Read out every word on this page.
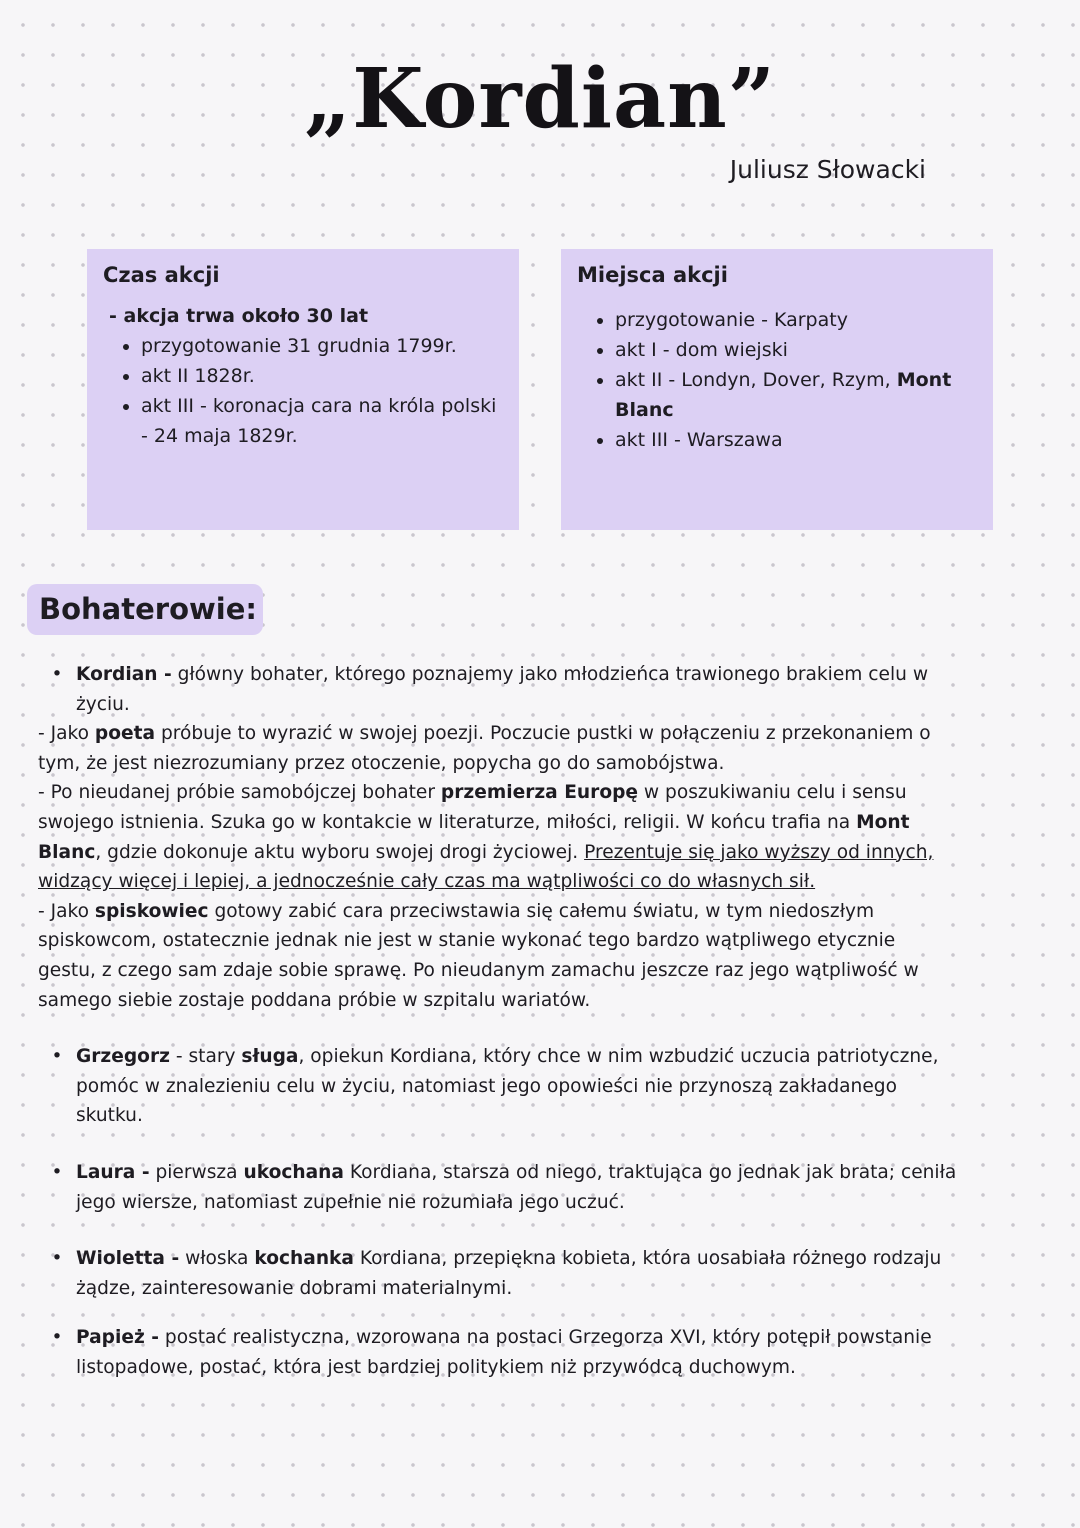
„Kordian”
Juliusz Słowacki
Czas akcji
- akcja trwa około 30 lat
• przygotowanie 31 grudnia 1799r.
• akt II 1828r.
• akt III - koronacja cara na króla polski - 24 maja 1829r.
Miejsca akcji
• przygotowanie - Karpaty
• akt I - dom wiejski
• akt II - Londyn, Dover, Rzym, Mont Blanc
• akt III - Warszawa
Bohaterowie:
• Kordian - główny bohater, którego poznajemy jako młodzieńca trawionego brakiem celu w życiu.

- Jako poeta próbuje to wyrazić w swojej poezji. Poczucie pustki w połączeniu z przekonaniem o tym, że jest niezrozumiany przez otoczenie, popycha go do samobójstwa.

- Po nieudanej próbie samobójczej bohater przemierza Europę w poszukiwaniu celu i sensu swojego istnienia. Szuka go w kontakcie w literaturze, miłości, religii. W końcu trafia na Mont Blanc, gdzie dokonuje aktu wyboru swojej drogi życiowej. Prezentuje się jako wyższy od innych, widzący więcej i lepiej, a jednocześnie cały czas ma wątpliwości co do własnych sił.

- Jako spiskowiec gotowy zabić cara przeciwstawia się całemu światu, w tym niedoszłym spiskowcom, ostatecznie jednak nie jest w stanie wykonać tego bardzo wątpliwego etycznie gestu, z czego sam zdaje sobie sprawę. Po nieudanym zamachu jeszcze raz jego wątpliwość w samego siebie zostaje poddana próbie w szpitalu wariatów.

• Grzegorz - stary sługa, opiekun Kordiana, który chce w nim wzbudzić uczucia patriotyczne, pomóc w znalezieniu celu w życiu, natomiast jego opowieści nie przynoszą zakładanego skutku.
• Laura - pierwsza ukochana Kordiana, starsza od niego, traktująca go jednak jak brata; ceniła jego wiersze, natomiast zupełnie nie rozumiała jego uczuć.
• Wioletta - włoska kochanka Kordiana, przepiękna kobieta, która uosabiała różnego rodzaju żądze, zainteresowanie dobrami materialnymi.
• Papież - postać realistyczna, wzorowana na postaci Grzegorza XVI, który potępił powstanie listopadowe, postać, która jest bardziej politykiem niż przywódcą duchowym.
